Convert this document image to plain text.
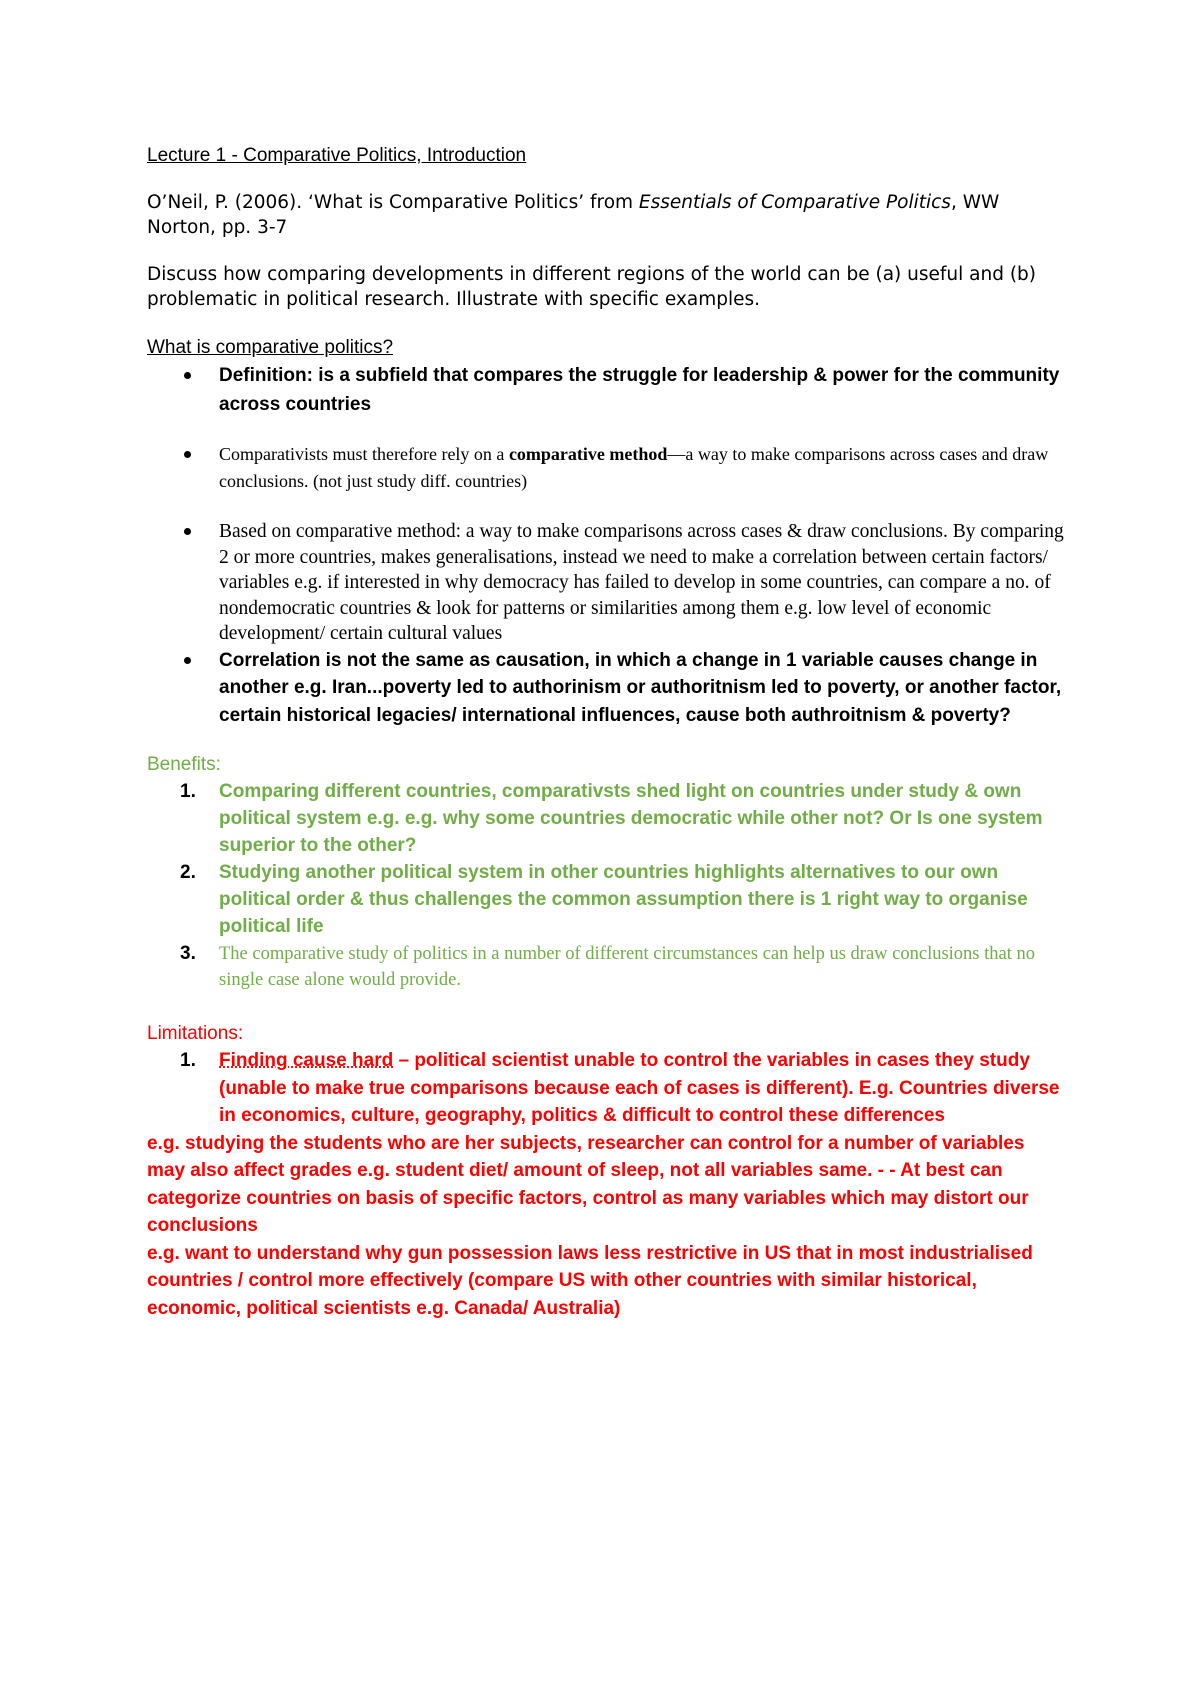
Lecture 1 - Comparative Politics, Introduction

O’Neil, P. (2006). ‘What is Comparative Politics’ from Essentials of Comparative Politics, WW Norton, pp. 3-7

Discuss how comparing developments in different regions of the world can be (a) useful and (b) problematic in political research. Illustrate with specific examples.

What is comparative politics?
Definition: is a subfield that compares the struggle for leadership & power for the community across countries
Comparativists must therefore rely on a comparative method—a way to make comparisons across cases and draw conclusions. (not just study diff. countries)
Based on comparative method: a way to make comparisons across cases & draw conclusions. By comparing 2 or more countries, makes generalisations, instead we need to make a correlation between certain factors/ variables e.g. if interested in why democracy has failed to develop in some countries, can compare a no. of nondemocratic countries & look for patterns or similarities among them e.g. low level of economic development/ certain cultural values
Correlation is not the same as causation, in which a change in 1 variable causes change in another e.g. Iran...poverty led to authorinism or authoritnism led to poverty, or another factor, certain historical legacies/ international influences, cause both authroitnism & poverty?
Benefits:
1. Comparing different countries, comparativsts shed light on countries under study & own political system e.g. e.g. why some countries democratic while other not? Or Is one system superior to the other?
2. Studying another political system in other countries highlights alternatives to our own political order & thus challenges the common assumption there is 1 right way to organise political life
3. The comparative study of politics in a number of different circumstances can help us draw conclusions that no single case alone would provide.
Limitations:
1. Finding cause hard – political scientist unable to control the variables in cases they study (unable to make true comparisons because each of cases is different). E.g. Countries diverse in economics, culture, geography, politics & difficult to control these differences

e.g. studying the students who are her subjects, researcher can control for a number of variables may also affect grades e.g. student diet/ amount of sleep, not all variables same. - - At best can categorize countries on basis of specific factors, control as many variables which may distort our conclusions

e.g. want to understand why gun possession laws less restrictive in US that in most industrialised countries / control more effectively (compare US with other countries with similar historical, economic, political scientists e.g. Canada/ Australia)
